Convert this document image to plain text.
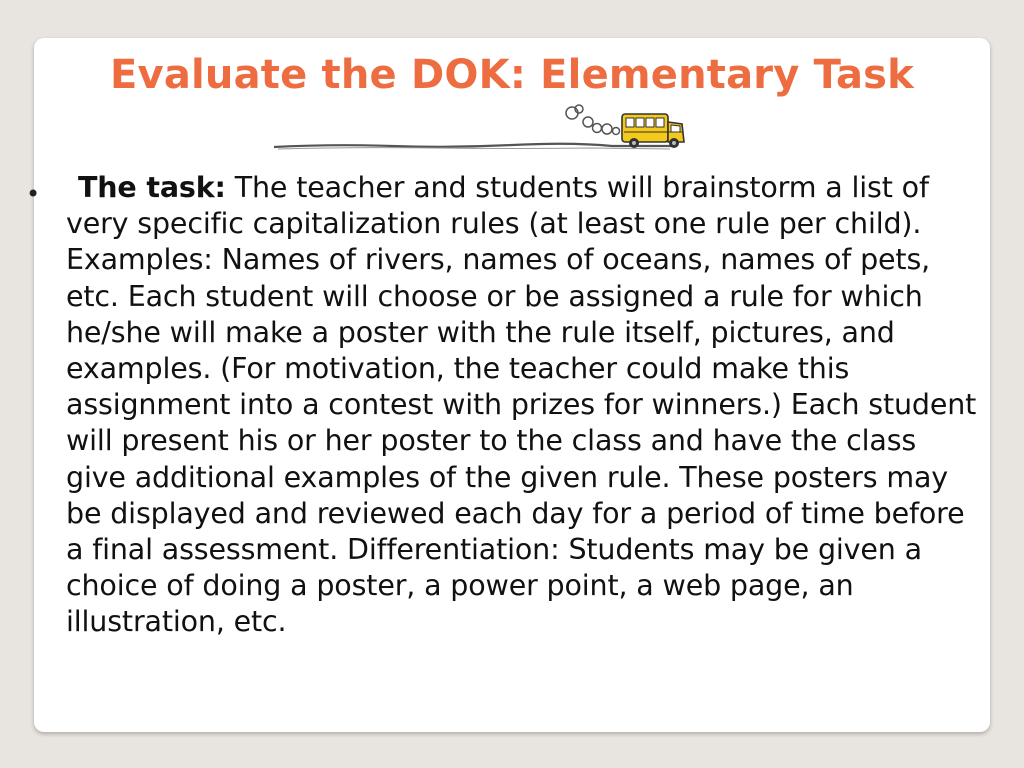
Evaluate the DOK: Elementary Task
•	The task: The teacher and students will brainstorm a list of very specific capitalization rules (at least one rule per child). Examples: Names of rivers, names of oceans, names of pets, etc. Each student will choose or be assigned a rule for which he/she will make a poster with the rule itself, pictures, and examples. (For motivation, the teacher could make this assignment into a contest with prizes for winners.) Each student will present his or her poster to the class and have the class give additional examples of the given rule. These posters may be displayed and reviewed each day for a period of time before a final assessment. Differentiation: Students may be given a choice of doing a poster, a power point, a web page, an illustration, etc.
